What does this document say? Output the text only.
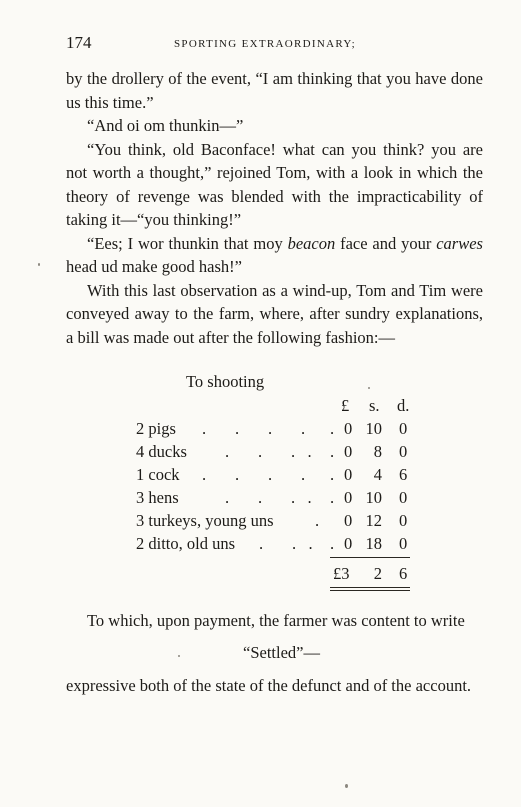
174	SPORTING EXTRAORDINARY;

by the drollery of the event, “I am thinking that you have done us this time.”

“And oi om thunkin—”

“You think, old Baconface! what can you think? you are not worth a thought,” rejoined Tom, with a look in which the theory of revenge was blended with the impracticability of taking it—“you thinking!”

“Ees; I wor thunkin that moy beacon face and your carwes head ud make good hash!”

With this last observation as a wind-up, Tom and Tim were conveyed away to the farm, where, after sundry explanations, a bill was made out after the following fashion:—

To shooting
£ s. d.
2 pigs .       .       .       . . 0 10 0
4 ducks .       .       .   . . 0	8 0
1 cock .       .       .       . . 0	4 6
3 hens	.       .       .   . . 0 10 0
3 turkeys, young uns	. 0 12 0
2 ditto, old uns .       .   . . 0 18 0
£3	2 6

To which, upon payment, the farmer was content to write

“Settled”—

expressive both of the state of the defunct and of the account.
